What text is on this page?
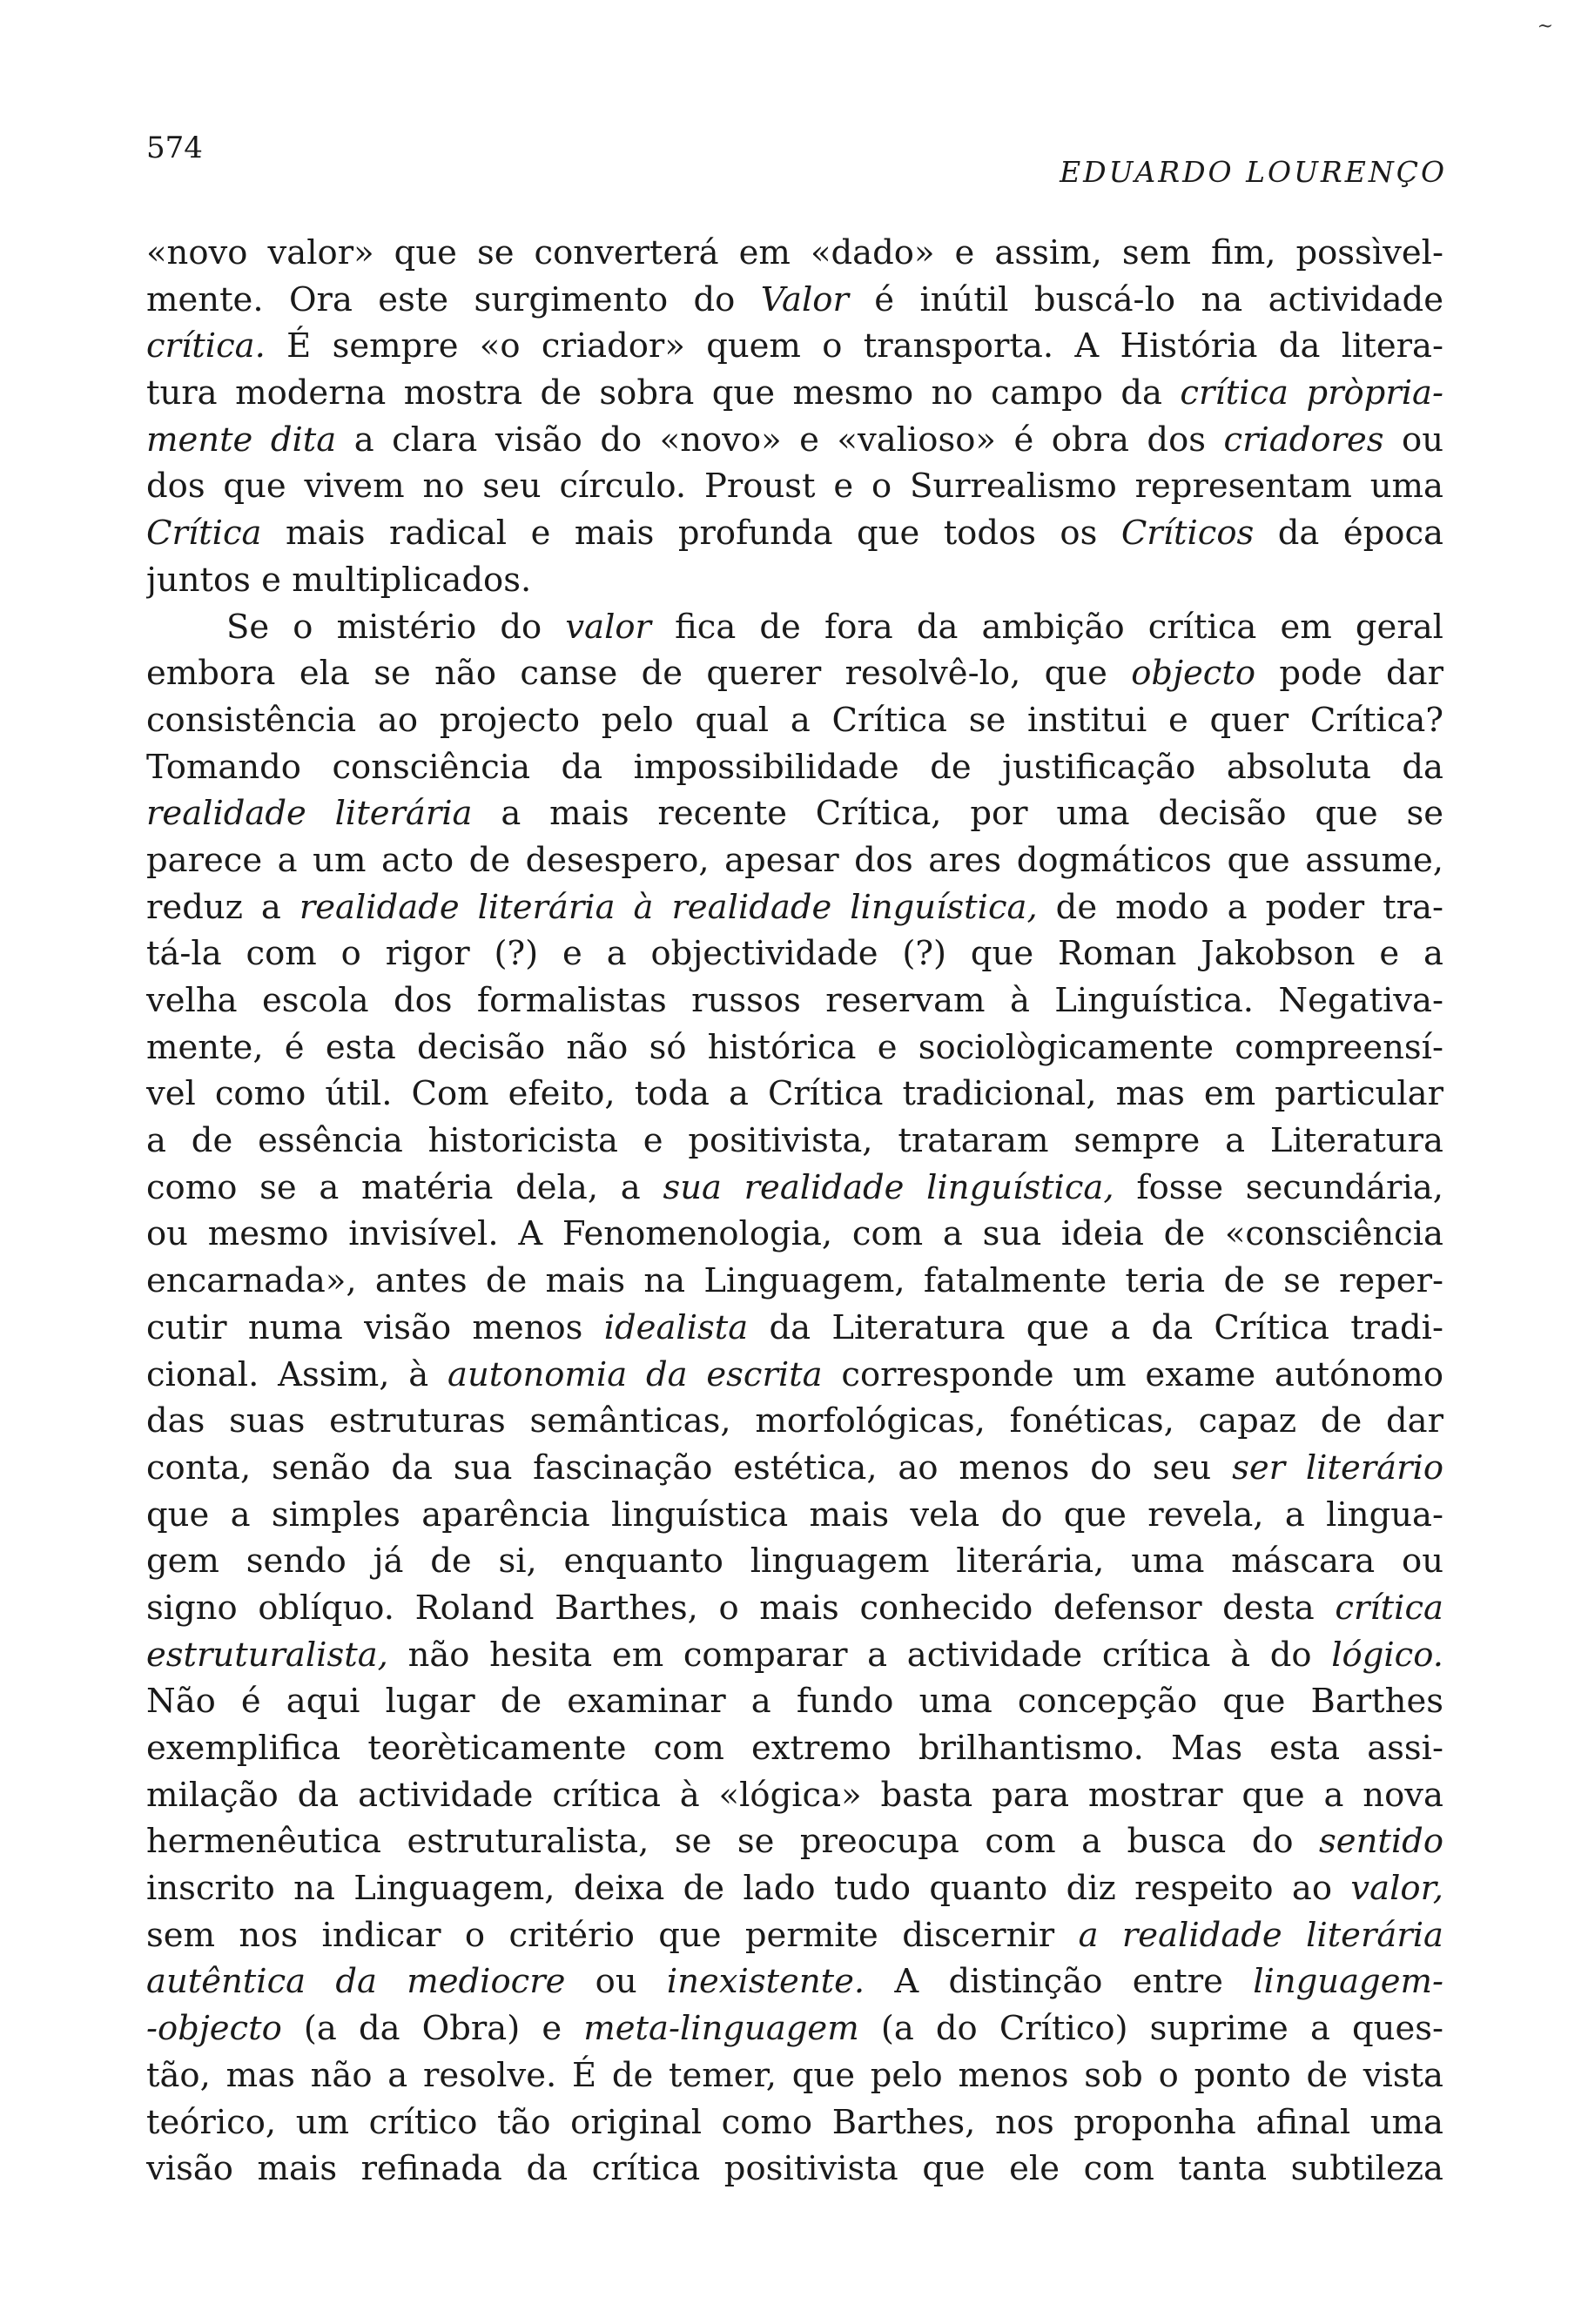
~
574
EDUARDO LOURENÇO
«novo valor» que se converterá em «dado» e assim, sem fim, possìvel-
mente. Ora este surgimento do Valor é inútil buscá-lo na actividade
crítica. É sempre «o criador» quem o transporta. A História da litera-
tura moderna mostra de sobra que mesmo no campo da crítica pròpria-
mente dita a clara visão do «novo» e «valioso» é obra dos criadores ou
dos que vivem no seu círculo. Proust e o Surrealismo representam uma
Crítica mais radical e mais profunda que todos os Críticos da época
juntos e multiplicados.
Se o mistério do valor fica de fora da ambição crítica em geral
embora ela se não canse de querer resolvê-lo, que objecto pode dar
consistência ao projecto pelo qual a Crítica se institui e quer Crítica?
Tomando consciência da impossibilidade de justificação absoluta da
realidade literária a mais recente Crítica, por uma decisão que se
parece a um acto de desespero, apesar dos ares dogmáticos que assume,
reduz a realidade literária à realidade linguística, de modo a poder tra-
tá-la com o rigor (?) e a objectividade (?) que Roman Jakobson e a
velha escola dos formalistas russos reservam à Linguística. Negativa-
mente, é esta decisão não só histórica e sociològicamente compreensí-
vel como útil. Com efeito, toda a Crítica tradicional, mas em particular
a de essência historicista e positivista, trataram sempre a Literatura
como se a matéria dela, a sua realidade linguística, fosse secundária,
ou mesmo invisível. A Fenomenologia, com a sua ideia de «consciência
encarnada», antes de mais na Linguagem, fatalmente teria de se reper-
cutir numa visão menos idealista da Literatura que a da Crítica tradi-
cional. Assim, à autonomia da escrita corresponde um exame autónomo
das suas estruturas semânticas, morfológicas, fonéticas, capaz de dar
conta, senão da sua fascinação estética, ao menos do seu ser literário
que a simples aparência linguística mais vela do que revela, a lingua-
gem sendo já de si, enquanto linguagem literária, uma máscara ou
signo oblíquo. Roland Barthes, o mais conhecido defensor desta crítica
estruturalista, não hesita em comparar a actividade crítica à do lógico.
Não é aqui lugar de examinar a fundo uma concepção que Barthes
exemplifica teorèticamente com extremo brilhantismo. Mas esta assi-
milação da actividade crítica à «lógica» basta para mostrar que a nova
hermenêutica estruturalista, se se preocupa com a busca do sentido
inscrito na Linguagem, deixa de lado tudo quanto diz respeito ao valor,
sem nos indicar o critério que permite discernir a realidade literária
autêntica da mediocre ou inexistente. A distinção entre linguagem-
-objecto (a da Obra) e meta-linguagem (a do Crítico) suprime a ques-
tão, mas não a resolve. É de temer, que pelo menos sob o ponto de vista
teórico, um crítico tão original como Barthes, nos proponha afinal uma
visão mais refinada da crítica positivista que ele com tanta subtileza
